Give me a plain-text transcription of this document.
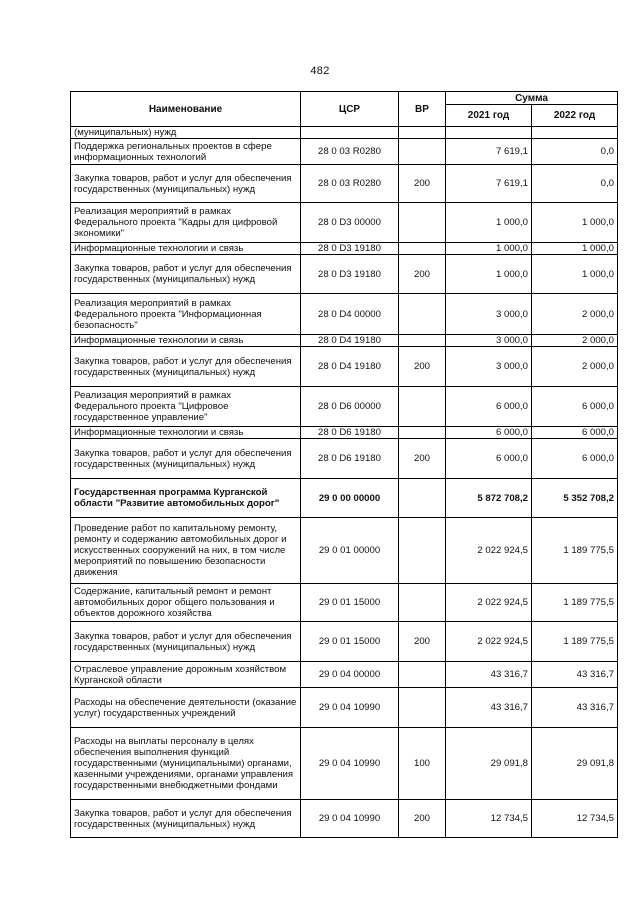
482
Наименование	ЦСР	ВР	Сумма	
			2021 год	2022 год
(муниципальных) нужд				
Поддержка региональных проектов в сфере информационных технологий	28 0 03 R0280		7 619,1	0,0
Закупка товаров, работ и услуг для обеспечения государственных (муниципальных) нужд	28 0 03 R0280	200	7 619,1	0,0
Реализация мероприятий в рамках Федерального проекта "Кадры для цифровой экономики"	28 0 D3 00000		1 000,0	1 000,0
Информационные технологии и связь	28 0 D3 19180		1 000,0	1 000,0
Закупка товаров, работ и услуг для обеспечения государственных (муниципальных) нужд	28 0 D3 19180	200	1 000,0	1 000,0
Реализация мероприятий в рамках Федерального проекта "Информационная безопасность"	28 0 D4 00000		3 000,0	2 000,0
Информационные технологии и связь	28 0 D4 19180		3 000,0	2 000,0
Закупка товаров, работ и услуг для обеспечения государственных (муниципальных) нужд	28 0 D4 19180	200	3 000,0	2 000,0
Реализация мероприятий в рамках Федерального проекта "Цифровое государственное управление"	28 0 D6 00000		6 000,0	6 000,0
Информационные технологии и связь	28 0 D6 19180		6 000,0	6 000,0
Закупка товаров, работ и услуг для обеспечения государственных (муниципальных) нужд	28 0 D6 19180	200	6 000,0	6 000,0
Государственная программа Курганской области "Развитие автомобильных дорог"	29 0 00 00000		5 872 708,2	5 352 708,2
Проведение работ по капитальному ремонту, ремонту и содержанию автомобильных дорог и искусственных сооружений на них, в том числе мероприятий по повышению безопасности движения	29 0 01 00000		2 022 924,5	1 189 775,5
Содержание, капитальный ремонт и ремонт автомобильных дорог общего пользования и объектов дорожного хозяйства	29 0 01 15000		2 022 924,5	1 189 775,5
Закупка товаров, работ и услуг для обеспечения государственных (муниципальных) нужд	29 0 01 15000	200	2 022 924,5	1 189 775,5
Отраслевое управление дорожным хозяйством Курганской области	29 0 04 00000		43 316,7	43 316,7
Расходы на обеспечение деятельности (оказание услуг) государственных учреждений	29 0 04 10990		43 316,7	43 316,7
Расходы на выплаты персоналу в целях обеспечения выполнения функций государственными (муниципальными) органами, казенными учреждениями, органами управления государственными внебюджетными фондами	29 0 04 10990	100	29 091,8	29 091,8
Закупка товаров, работ и услуг для обеспечения государственных (муниципальных) нужд	29 0 04 10990	200	12 734,5	12 734,5
